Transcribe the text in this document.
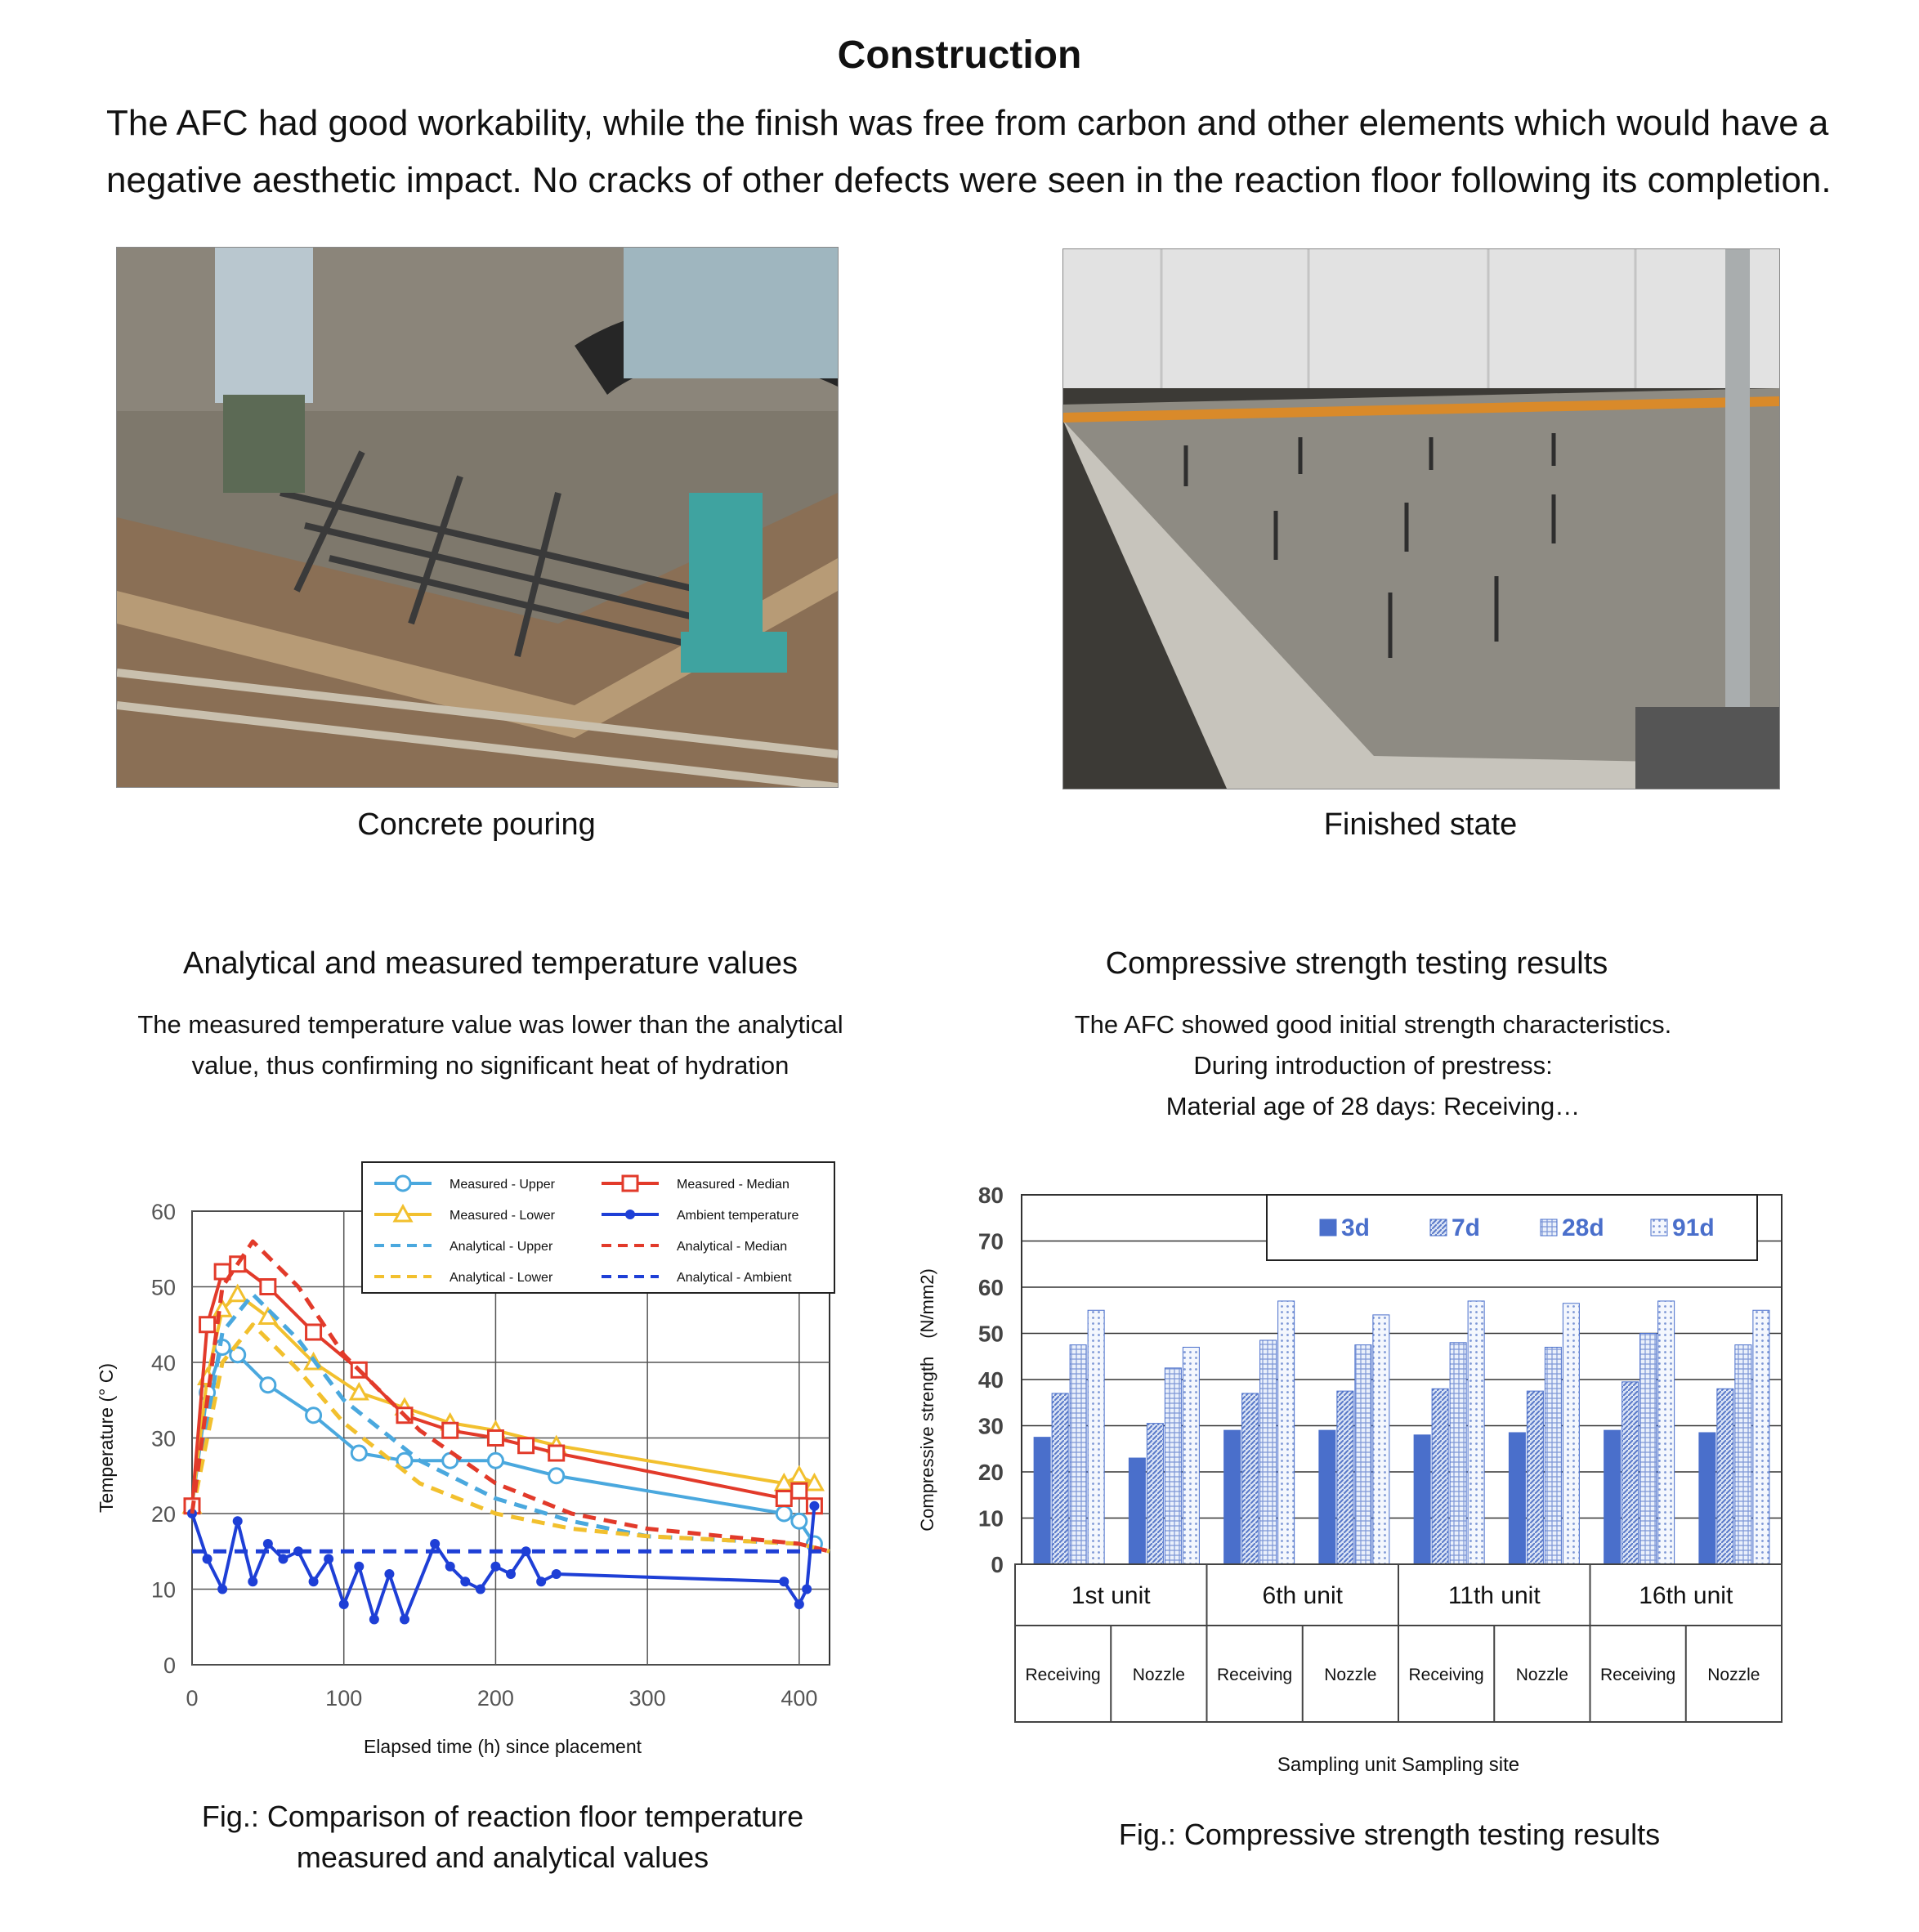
Construction
The AFC had good workability, while the finish was free from carbon and other elements which would have a negative aesthetic impact. No cracks of other defects were seen in the reaction floor following its completion.
Concrete pouring	Finished state
Analytical and measured temperature values
The measured temperature value was lower than the analytical
value, thus confirming no significant heat of hydration
Compressive strength testing results
The AFC showed good initial strength characteristics.
During introduction of prestress:
Material age of 28 days: Receiving…
0
10
20
30
40
50
60
0	100	200	300	400
Elapsed time (h) since placement
Temperature (° C)
Measured - Upper
Measured - Lower
Analytical - Upper
Analytical - Lower
Measured - Median
Ambient temperature
Analytical - Median
Analytical - Ambient
0
10
20
30
40
50
60
70
80
Compressive strength　(N/mm2)
3d	7d	28d	91d
1st unit	6th unit	11th unit	16th unit
Receiving Nozzle Receiving Nozzle Receiving Nozzle Receiving Nozzle
Sampling unit Sampling site
Fig.: Comparison of reaction floor temperature
measured and analytical values
Fig.: Compressive strength testing results
